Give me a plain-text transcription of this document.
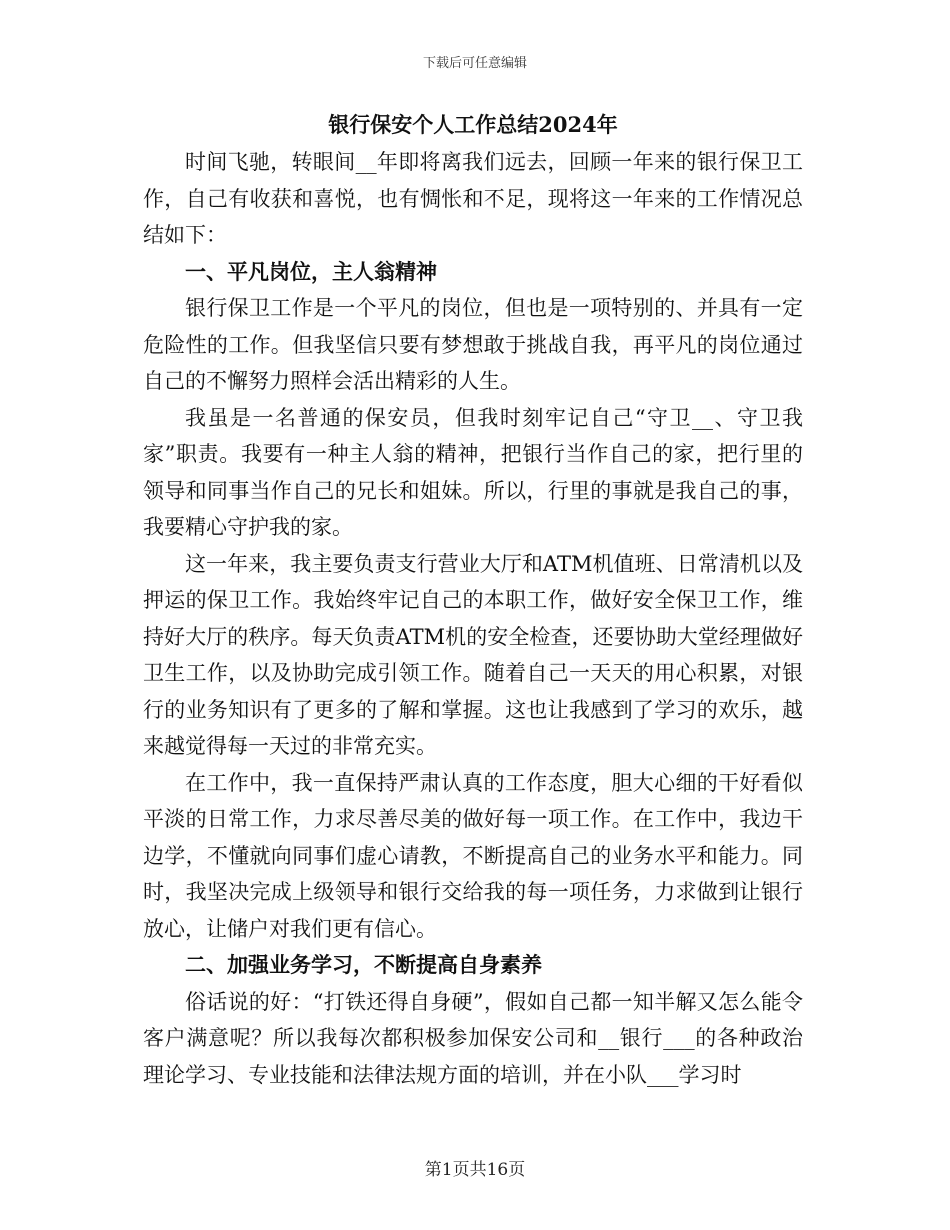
下载后可任意编辑
银行保安个人工作总结2024年

时间飞驰，转眼间__年即将离我们远去，回顾一年来的银行保卫工作，自己有收获和喜悦，也有惆怅和不足，现将这一年来的工作情况总结如下：

一、平凡岗位，主人翁精神

银行保卫工作是一个平凡的岗位，但也是一项特别的、并具有一定危险性的工作。但我坚信只要有梦想敢于挑战自我，再平凡的岗位通过自己的不懈努力照样会活出精彩的人生。

我虽是一名普通的保安员，但我时刻牢记自己“守卫__、守卫我家”职责。我要有一种主人翁的精神，把银行当作自己的家，把行里的领导和同事当作自己的兄长和姐妹。所以，行里的事就是我自己的事，我要精心守护我的家。

这一年来，我主要负责支行营业大厅和ATM机值班、日常清机以及押运的保卫工作。我始终牢记自己的本职工作，做好安全保卫工作，维持好大厅的秩序。每天负责ATM机的安全检查，还要协助大堂经理做好卫生工作，以及协助完成引领工作。随着自己一天天的用心积累，对银行的业务知识有了更多的了解和掌握。这也让我感到了学习的欢乐，越来越觉得每一天过的非常充实。

在工作中，我一直保持严肃认真的工作态度，胆大心细的干好看似平淡的日常工作，力求尽善尽美的做好每一项工作。在工作中，我边干边学，不懂就向同事们虚心请教，不断提高自己的业务水平和能力。同时，我坚决完成上级领导和银行交给我的每一项任务，力求做到让银行放心，让储户对我们更有信心。

二、加强业务学习，不断提高自身素养

俗话说的好：“打铁还得自身硬”，假如自己都一知半解又怎么能令客户满意呢？所以我每次都积极参加保安公司和__银行___的各种政治理论学习、专业技能和法律法规方面的培训，并在小队___学习时

第1页共16页
